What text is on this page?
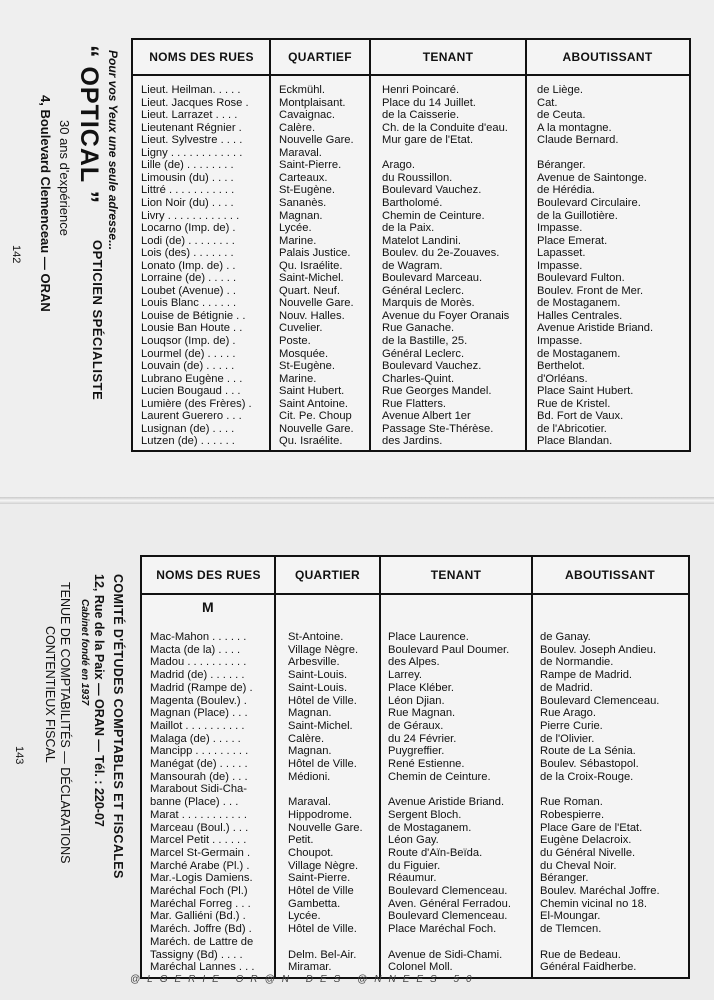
Pour vos Yeux une seule adresse...
“ OPTICAL ”
OPTICIEN SPÉCIALISTE
30 ans d'expérience
4, Boulevard Clemenceau — ORAN
142
NOMS DES RUES	QUARTIEF	TENANT	ABOUTISSANT
Lieut. Heilman. . . . .	Eckmühl.	Henri Poincaré.	de Liège.
Lieut. Jacques Rose .	Montplaisant.	Place du 14 Juillet.	Cat.
Lieut. Larrazet . . . .	Cavaignac.	de la Caisserie.	de Ceuta.
Lieutenant Régnier .	Calère.	Ch. de la Conduite d'eau.	A la montagne.
Lieut. Sylvestre . . . .	Nouvelle Gare.	Mur gare de l'Etat.	Claude Bernard.
Ligny . . . . . . . . . . . .	Maraval.
Lille (de) . . . . . . . .	Saint-Pierre.	Arago.	Béranger.
Limousin (du) . . . .	Carteaux.	du Roussillon.	Avenue de Saintonge.
Littré . . . . . . . . . . .	St-Eugène.	Boulevard Vauchez.	de Hérédia.
Lion Noir (du) . . . .	Sananès.	Bartholomé.	Boulevard Circulaire.
Livry . . . . . . . . . . . .	Magnan.	Chemin de Ceinture.	de la Guillotière.
Locarno (Imp. de) .	Lycée.	de la Paix.	Impasse.
Lodi (de) . . . . . . . .	Marine.	Matelot Landini.	Place Emerat.
Lois (des) . . . . . . .	Palais Justice.	Boulev. du 2e-Zouaves.	Lapasset.
Lonato (Imp. de) . .	Qu. Israélite.	de Wagram.	Impasse.
Lorraine (de) . . . . .	Saint-Michel.	Boulevard Marceau.	Boulevard Fulton.
Loubet (Avenue) . .	Quart. Neuf.	Général Leclerc.	Boulev. Front de Mer.
Louis Blanc . . . . . .	Nouvelle Gare.	Marquis de Morès.	de Mostaganem.
Louise de Bétignie . .	Nouv. Halles.	Avenue du Foyer Oranais	Halles Centrales.
Lousie Ban Houte . .	Cuvelier.	Rue Ganache.	Avenue Aristide Briand.
Louqsor (Imp. de) .	Poste.	de la Bastille, 25.	Impasse.
Lourmel (de) . . . . .	Mosquée.	Général Leclerc.	de Mostaganem.
Louvain (de) . . . . .	St-Eugène.	Boulevard Vauchez.	Berthelot.
Lubrano Eugène . . .	Marine.	Charles-Quint.	d'Orléans.
Lucien Bougaud . . .	Saint Hubert.	Rue Georges Mandel.	Place Saint Hubert.
Lumière (des Frères) .	Saint Antoine.	Rue Flatters.	Rue de Kristel.
Laurent Guerero . . .	Cit. Pe. Choup	Avenue Albert 1er	Bd. Fort de Vaux.
Lusignan (de) . . . .	Nouvelle Gare.	Passage Ste-Thérèse.	de l'Abricotier.
Lutzen (de) . . . . . .	Qu. Israélite.	des Jardins.	Place Blandan.
COMITÉ D'ÉTUDES COMPTABLES ET FISCALES
12, Rue de la Paix — ORAN — Tél. : 220-07
Cabinet fondé en 1937
TENUE DE COMPTABILITÉS — DÉCLARATIONS
CONTENTIEUX FISCAL
143
NOMS DES RUES	QUARTIER	TENANT	ABOUTISSANT
M
Mac-Mahon . . . . . .	St-Antoine.	Place Laurence.	de Ganay.
Macta (de la) . . . .	Village Nègre.	Boulevard Paul Doumer.	Boulev. Joseph Andieu.
Madou . . . . . . . . . .	Arbesville.	des Alpes.	de Normandie.
Madrid (de) . . . . . .	Saint-Louis.	Larrey.	Rampe de Madrid.
Madrid (Rampe de) .	Saint-Louis.	Place Kléber.	de Madrid.
Magenta (Boulev.) .	Hôtel de Ville.	Léon Djian.	Boulevard Clemenceau.
Magnan (Place) . . .	Magnan.	Rue Magnan.	Rue Arago.
Maillot . . . . . . . . . .	Saint-Michel.	de Géraux.	Pierre Curie.
Malaga (de) . . . . .	Calère.	du 24 Février.	de l'Olivier.
Mancipp . . . . . . . . .	Magnan.	Puygreffier.	Route de La Sénia.
Manégat (de) . . . . .	Hôtel de Ville.	René Estienne.	Boulev. Sébastopol.
Mansourah (de) . . .	Médioni.	Chemin de Ceinture.	de la Croix-Rouge.
Marabout Sidi-Cha-
banne (Place) . . .	Maraval.	Avenue Aristide Briand.	Rue Roman.
Marat . . . . . . . . . . .	Hippodrome.	Sergent Bloch.	Robespierre.
Marceau (Boul.) . . .	Nouvelle Gare.	de Mostaganem.	Place Gare de l'Etat.
Marcel Petit . . . . . .	Petit.	Léon Gay.	Eugène Delacroix.
Marcel St-Germain .	Choupot.	Route d'Aïn-Beïda.	du Général Nivelle.
Marché Arabe (Pl.) .	Village Nègre.	du Figuier.	du Cheval Noir.
Mar.-Logis Damiens.	Saint-Pierre.	Réaumur.	Béranger.
Maréchal Foch (Pl.)	Hôtel de Ville	Boulevard Clemenceau.	Boulev. Maréchal Joffre.
Maréchal Forreg . . .	Gambetta.	Aven. Général Ferradou.	Chemin vicinal no 18.
Mar. Galliéni (Bd.) .	Lycée.	Boulevard Clemenceau.	El-Moungar.
Maréch. Joffre (Bd) .	Hôtel de Ville.	Place Maréchal Foch.	de Tlemcen.
Maréch. de Lattre de
Tassigny (Bd) . . . .	Delm. Bel-Air.	Avenue de Sidi-Chami.	Rue de Bedeau.
Maréchal Lannes . . .	Miramar.	Colonel Moll.	Général Faidherbe.
@LGERIE OR@N DES @NNEES 50
